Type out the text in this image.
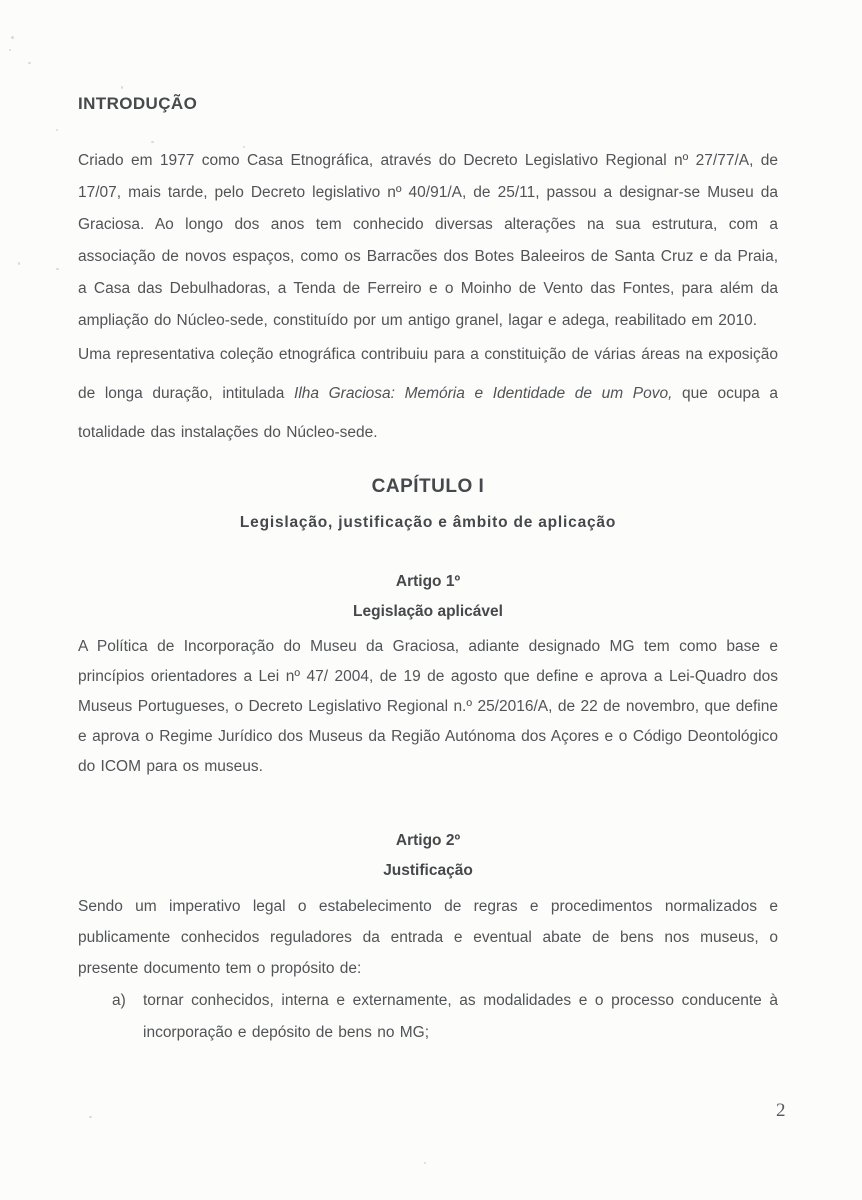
INTRODUÇÃO

Criado em 1977 como Casa Etnográfica, através do Decreto Legislativo Regional nº 27/77/A, de 17/07, mais tarde, pelo Decreto legislativo nº 40/91/A, de 25/11, passou a designar-se Museu da Graciosa. Ao longo dos anos tem conhecido diversas alterações na sua estrutura, com a associação de novos espaços, como os Barracões dos Botes Baleeiros de Santa Cruz e da Praia, a Casa das Debulhadoras, a Tenda de Ferreiro e o Moinho de Vento das Fontes, para além da ampliação do Núcleo-sede, constituído por um antigo granel, lagar e adega, reabilitado em 2010.

Uma representativa coleção etnográfica contribuiu para a constituição de várias áreas na exposição de longa duração, intitulada Ilha Graciosa: Memória e Identidade de um Povo, que ocupa a totalidade das instalações do Núcleo-sede.

CAPÍTULO I
Legislação, justificação e âmbito de aplicação
Artigo 1º
Legislação aplicável

A Política de Incorporação do Museu da Graciosa, adiante designado MG tem como base e princípios orientadores a Lei nº 47/ 2004, de 19 de agosto que define e aprova a Lei-Quadro dos Museus Portugueses, o Decreto Legislativo Regional n.º 25/2016/A, de 22 de novembro, que define e aprova o Regime Jurídico dos Museus da Região Autónoma dos Açores e o Código Deontológico do ICOM para os museus.

Artigo 2º
Justificação

Sendo um imperativo legal o estabelecimento de regras e procedimentos normalizados e publicamente conhecidos reguladores da entrada e eventual abate de bens nos museus, o presente documento tem o propósito de:

a) tornar conhecidos, interna e externamente, as modalidades e o processo conducente à incorporação e depósito de bens no MG;
2
